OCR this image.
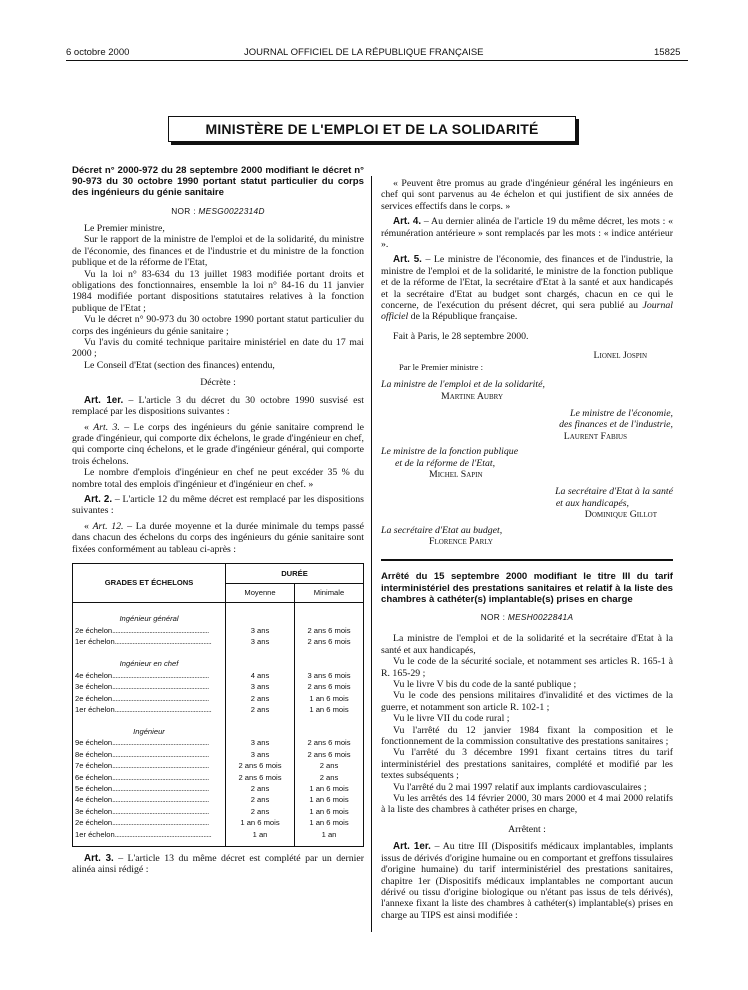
6 octobre 2000	JOURNAL OFFICIEL DE LA RÉPUBLIQUE FRANÇAISE	15825
MINISTÈRE DE L'EMPLOI ET DE LA SOLIDARITÉ

Décret n° 2000-972 du 28 septembre 2000 modifiant le décret n° 90-973 du 30 octobre 1990 portant statut particulier du corps des ingénieurs du génie sanitaire

NOR : MESG0022314D

Le Premier ministre,

Sur le rapport de la ministre de l'emploi et de la solidarité, du ministre de l'économie, des finances et de l'industrie et du ministre de la fonction publique et de la réforme de l'Etat,

Vu la loi n° 83-634 du 13 juillet 1983 modifiée portant droits et obligations des fonctionnaires, ensemble la loi n° 84-16 du 11 janvier 1984 modifiée portant dispositions statutaires relatives à la fonction publique de l'Etat ;

Vu le décret n° 90-973 du 30 octobre 1990 portant statut particulier du corps des ingénieurs du génie sanitaire ;

Vu l'avis du comité technique paritaire ministériel en date du 17 mai 2000 ;

Le Conseil d'Etat (section des finances) entendu,

Décrète :

Art. 1er. – L'article 3 du décret du 30 octobre 1990 susvisé est remplacé par les dispositions suivantes :

« Art. 3. – Le corps des ingénieurs du génie sanitaire comprend le grade d'ingénieur, qui comporte dix échelons, le grade d'ingénieur en chef, qui comporte cinq échelons, et le grade d'ingénieur général, qui comporte trois échelons.

Le nombre d'emplois d'ingénieur en chef ne peut excéder 35 % du nombre total des emplois d'ingénieur et d'ingénieur en chef. »

Art. 2. – L'article 12 du même décret est remplacé par les dispositions suivantes :

« Art. 12. – La durée moyenne et la durée minimale du temps passé dans chacun des échelons du corps des ingénieurs du génie sanitaire sont fixées conformément au tableau ci-après :

GRADES ET ÉCHELONS	DURÉE	
	Moyenne	Minimale
Ingénieur général		
2e échelon............................................................	3 ans	2 ans 6 mois
1er échelon............................................................	3 ans	2 ans 6 mois
Ingénieur en chef		
4e échelon............................................................	4 ans	3 ans 6 mois
3e échelon............................................................	3 ans	2 ans 6 mois
2e échelon............................................................	2 ans	1 an 6 mois
1er échelon............................................................	2 ans	1 an 6 mois
Ingénieur		
9e échelon............................................................	3 ans	2 ans 6 mois
8e échelon............................................................	3 ans	2 ans 6 mois
7e échelon............................................................	2 ans 6 mois	2 ans
6e échelon............................................................	2 ans 6 mois	2 ans
5e échelon............................................................	2 ans	1 an 6 mois
4e échelon............................................................	2 ans	1 an 6 mois
3e échelon............................................................	2 ans	1 an 6 mois
2e échelon............................................................	1 an 6 mois	1 an 6 mois
1er échelon............................................................	1 an	1 an

Art. 3. – L'article 13 du même décret est complété par un dernier alinéa ainsi rédigé :

« Peuvent être promus au grade d'ingénieur général les ingénieurs en chef qui sont parvenus au 4e échelon et qui justifient de six années de services effectifs dans le corps. »

Art. 4. – Au dernier alinéa de l'article 19 du même décret, les mots : « rémunération antérieure » sont remplacés par les mots : « indice antérieur ».

Art. 5. – Le ministre de l'économie, des finances et de l'industrie, la ministre de l'emploi et de la solidarité, le ministre de la fonction publique et de la réforme de l'Etat, la secrétaire d'Etat à la santé et aux handicapés et la secrétaire d'Etat au budget sont chargés, chacun en ce qui le concerne, de l'exécution du présent décret, qui sera publié au Journal officiel de la République française.

Fait à Paris, le 28 septembre 2000.

Lionel Jospin

Par le Premier ministre :

La ministre de l'emploi et de la solidarité,

Martine Aubry

Le ministre de l'économie,

des finances et de l'industrie,

Laurent Fabius

Le ministre de la fonction publique

et de la réforme de l'Etat,

Michel Sapin

La secrétaire d'Etat à la santé

et aux handicapés,

Dominique Gillot

La secrétaire d'Etat au budget,

Florence Parly

Arrêté du 15 septembre 2000 modifiant le titre III du tarif interministériel des prestations sanitaires et relatif à la liste des chambres à cathéter(s) implantable(s) prises en charge

NOR : MESH0022841A

La ministre de l'emploi et de la solidarité et la secrétaire d'Etat à la santé et aux handicapés,

Vu le code de la sécurité sociale, et notamment ses articles R. 165-1 à R. 165-29 ;

Vu le livre V bis du code de la santé publique ;

Vu le code des pensions militaires d'invalidité et des victimes de la guerre, et notamment son article R. 102-1 ;

Vu le livre VII du code rural ;

Vu l'arrêté du 12 janvier 1984 fixant la composition et le fonctionnement de la commission consultative des prestations sanitaires ;

Vu l'arrêté du 3 décembre 1991 fixant certains titres du tarif interministériel des prestations sanitaires, complété et modifié par les textes subséquents ;

Vu l'arrêté du 2 mai 1997 relatif aux implants cardiovasculaires ;

Vu les arrêtés des 14 février 2000, 30 mars 2000 et 4 mai 2000 relatifs à la liste des chambres à cathéter prises en charge,

Arrêtent :

Art. 1er. – Au titre III (Dispositifs médicaux implantables, implants issus de dérivés d'origine humaine ou en comportant et greffons tissulaires d'origine humaine) du tarif interministériel des prestations sanitaires, chapitre 1er (Dispositifs médicaux implantables ne comportant aucun dérivé ou tissu d'origine biologique ou n'étant pas issus de tels dérivés), l'annexe fixant la liste des chambres à cathéter(s) implantable(s) prises en charge au TIPS est ainsi modifiée :
